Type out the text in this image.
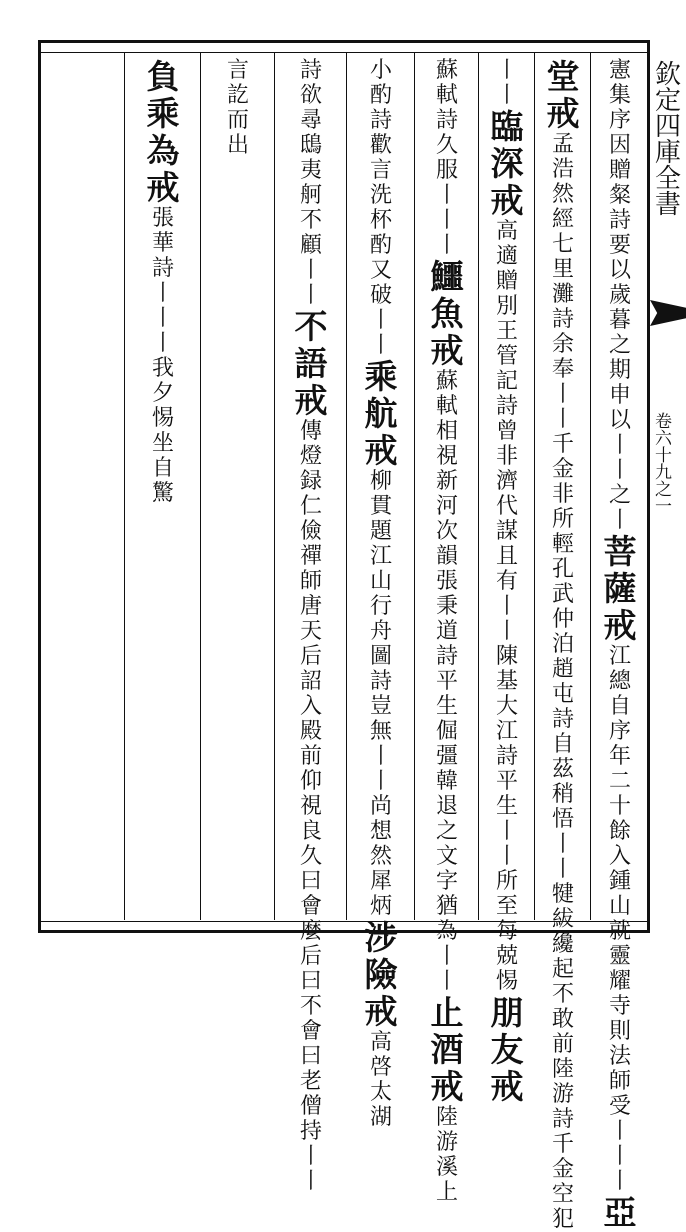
憲
集
序
因
贈
粲
詩
要
以
歲
暮
之
期
申
以
丨
丨
之
丨
菩
薩
戒
江
總
自
序
年
二
十
餘
入
鍾
山
就
靈
耀
寺
則
法
師
受
丨
丨
丨
亞
堂
戒
孟
浩
然
經
七
里
灘
詩
余
奉
丨
丨
千
金
非
所
輕
孔
武
仲
泊
趙
屯
詩
自
茲
稍
悟
丨
丨
犍
紱
纔
起
不
敢
前
陸
游
詩
千
金
空
犯
丨
丨
臨
深
戒
高
適
贈
別
王
管
記
詩
曾
非
濟
代
謀
且
有
丨
丨
陳
基
大
江
詩
平
生
丨
丨
所
至
每
兢
惕
朋
友
戒
蘇
軾
詩
久
服
丨
丨
丨
鱷
魚
戒
蘇
軾
相
視
新
河
次
韻
張
秉
道
詩
平
生
倔
彊
韓
退
之
文
字
猶
為
丨
丨
止
酒
戒
陸
游
溪
上
小
酌
詩
歡
言
洗
杯
酌
又
破
丨
丨
乘
航
戒
柳
貫
題
江
山
行
舟
圖
詩
豈
無
丨
丨
尚
想
然
犀
炳
涉
險
戒
高
啓
太
湖
詩
欲
尋
鴟
夷
舸
不
顧
丨
丨
不
語
戒
傳
燈
録
仁
儉
禪
師
唐
天
后
詔
入
殿
前
仰
視
良
久
曰
會
麼
后
曰
不
會
曰
老
僧
持
丨
丨
言
訖
而
出
負
乘
為
戒
張
華
詩
丨
丨
丨
我
夕
惕
坐
自
驚
欽
定
四
庫
全
書
卷
六
十
九
之
一
